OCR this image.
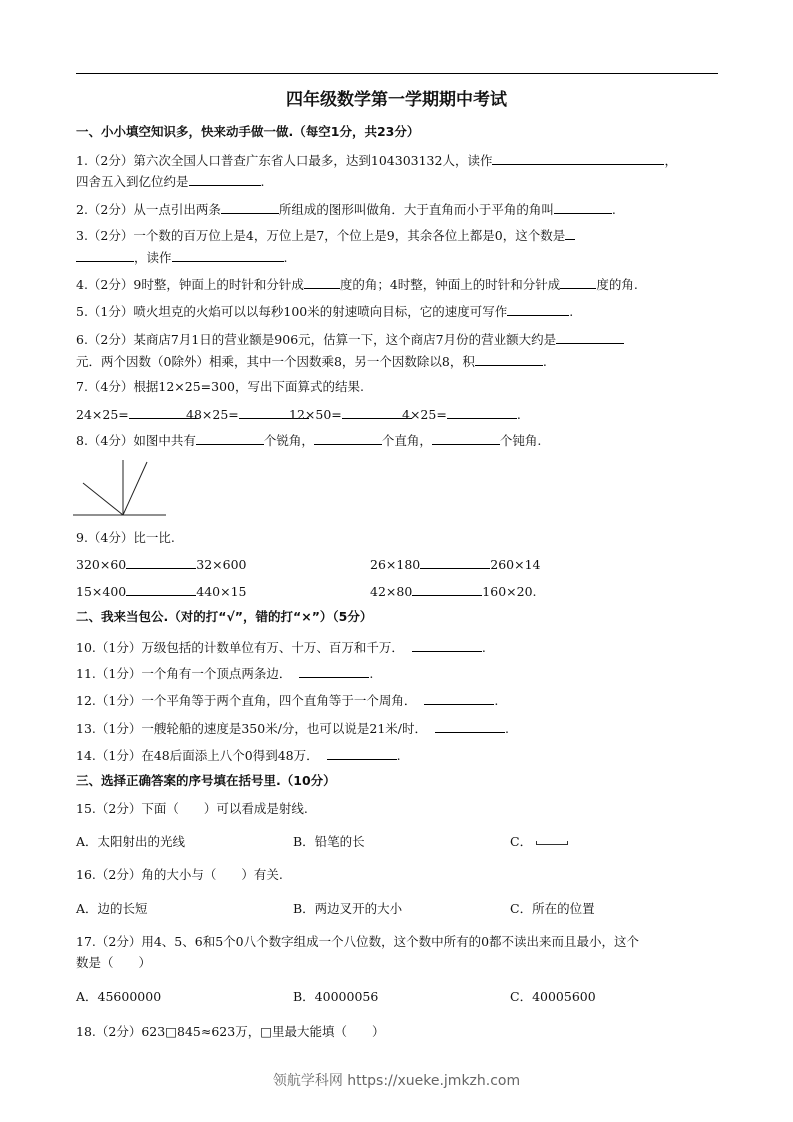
四年级数学第一学期期中考试
一、小小填空知识多，快来动手做一做.（每空1分，共23分）
1.（2分）第六次全国人口普查广东省人口最多，达到104303132人，读作	，
四舍五入到亿位约是	.
2.（2分）从一点引出两条	所组成的图形叫做角．大于直角而小于平角的角叫	.
3.（2分）一个数的百万位上是4，万位上是7，个位上是9，其余各位上都是0，这个数是
，读作	.
4.（2分）9时整，钟面上的时针和分针成	度的角；4时整，钟面上的时针和分针成	度的角.
5.（1分）喷火坦克的火焰可以以每秒100米的射速喷向目标，它的速度可写作	.
6.（2分）某商店7月1日的营业额是906元，估算一下，这个商店7月份的营业额大约是
元．两个因数（0除外）相乘，其中一个因数乘8，另一个因数除以8，积	.
7.（4分）根据12×25=300，写出下面算式的结果.
24×25=	48×25=	12×50=	4×25=	.
8.（4分）如图中共有	个锐角，	个直角，	个钝角.
9.（4分）比一比.
320×60	32×600	26×180	260×14
15×400	440×15	42×80	160×20.
二、我来当包公.（对的打“√”，错的打“×”）（5分）
10.（1分）万级包括的计数单位有万、十万、百万和千万．	.
11.（1分）一个角有一个顶点两条边．	.
12.（1分）一个平角等于两个直角，四个直角等于一个周角．	.
13.（1分）一艘轮船的速度是350米/分，也可以说是21米/时．	.
14.（1分）在48后面添上八个0得到48万．	.
三、选择正确答案的序号填在括号里.（10分）
15.（2分）下面（　　）可以看成是射线.
A．太阳射出的光线	B．铅笔的长	C．
16.（2分）角的大小与（　　）有关.
A．边的长短	B．两边叉开的大小	C．所在的位置
17.（2分）用4、5、6和5个0八个数字组成一个八位数，这个数中所有的0都不读出来而且最小，这个
数是（　　）
A．45600000	B．40000056	C．40005600
18.（2分）623□845≈623万，□里最大能填（　　）
领航学科网 https://xueke.jmkzh.com
